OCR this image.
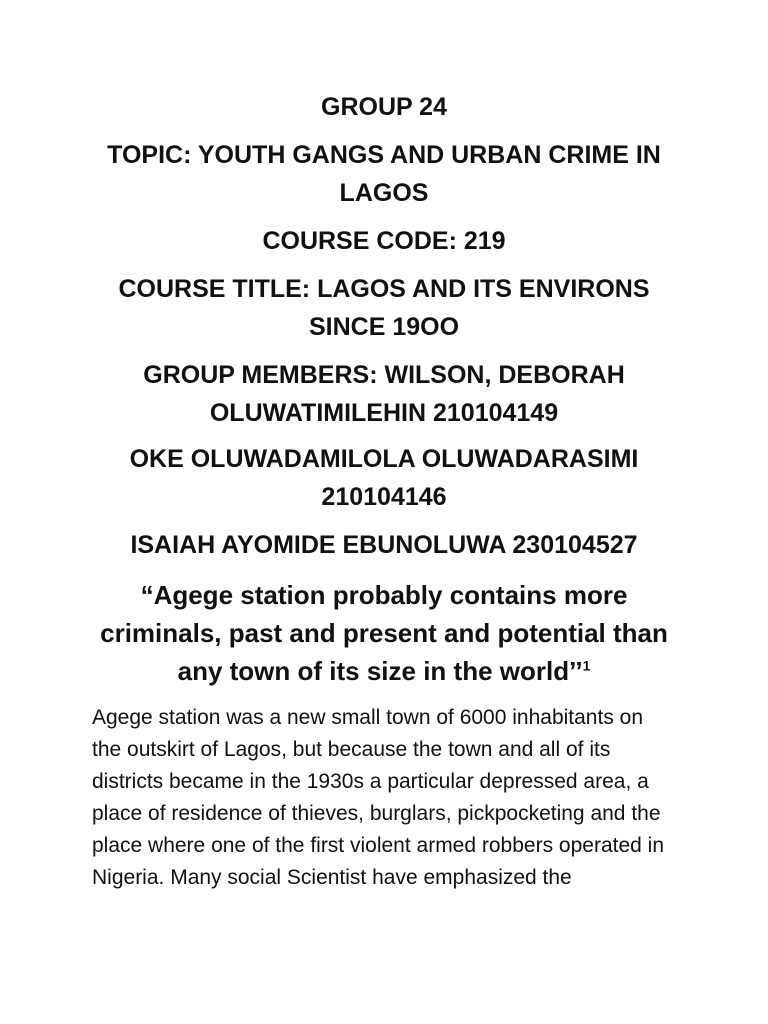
GROUP 24
TOPIC: YOUTH GANGS AND URBAN CRIME IN LAGOS
COURSE CODE: 219
COURSE TITLE: LAGOS AND ITS ENVIRONS SINCE 19OO
GROUP MEMBERS: WILSON, DEBORAH OLUWATIMILEHIN 210104149
OKE OLUWADAMILOLA OLUWADARASIMI 210104146
ISAIAH AYOMIDE EBUNOLUWA 230104527
“Agege station probably contains more criminals, past and present and potential than any town of its size in the world’’$^1$

Agege station was a new small town of 6000 inhabitants on the outskirt of Lagos, but because the town and all of its districts became in the 1930s a particular depressed area, a place of residence of thieves, burglars, pickpocketing and the place where one of the first violent armed robbers operated in Nigeria. Many social Scientist have emphasized the
